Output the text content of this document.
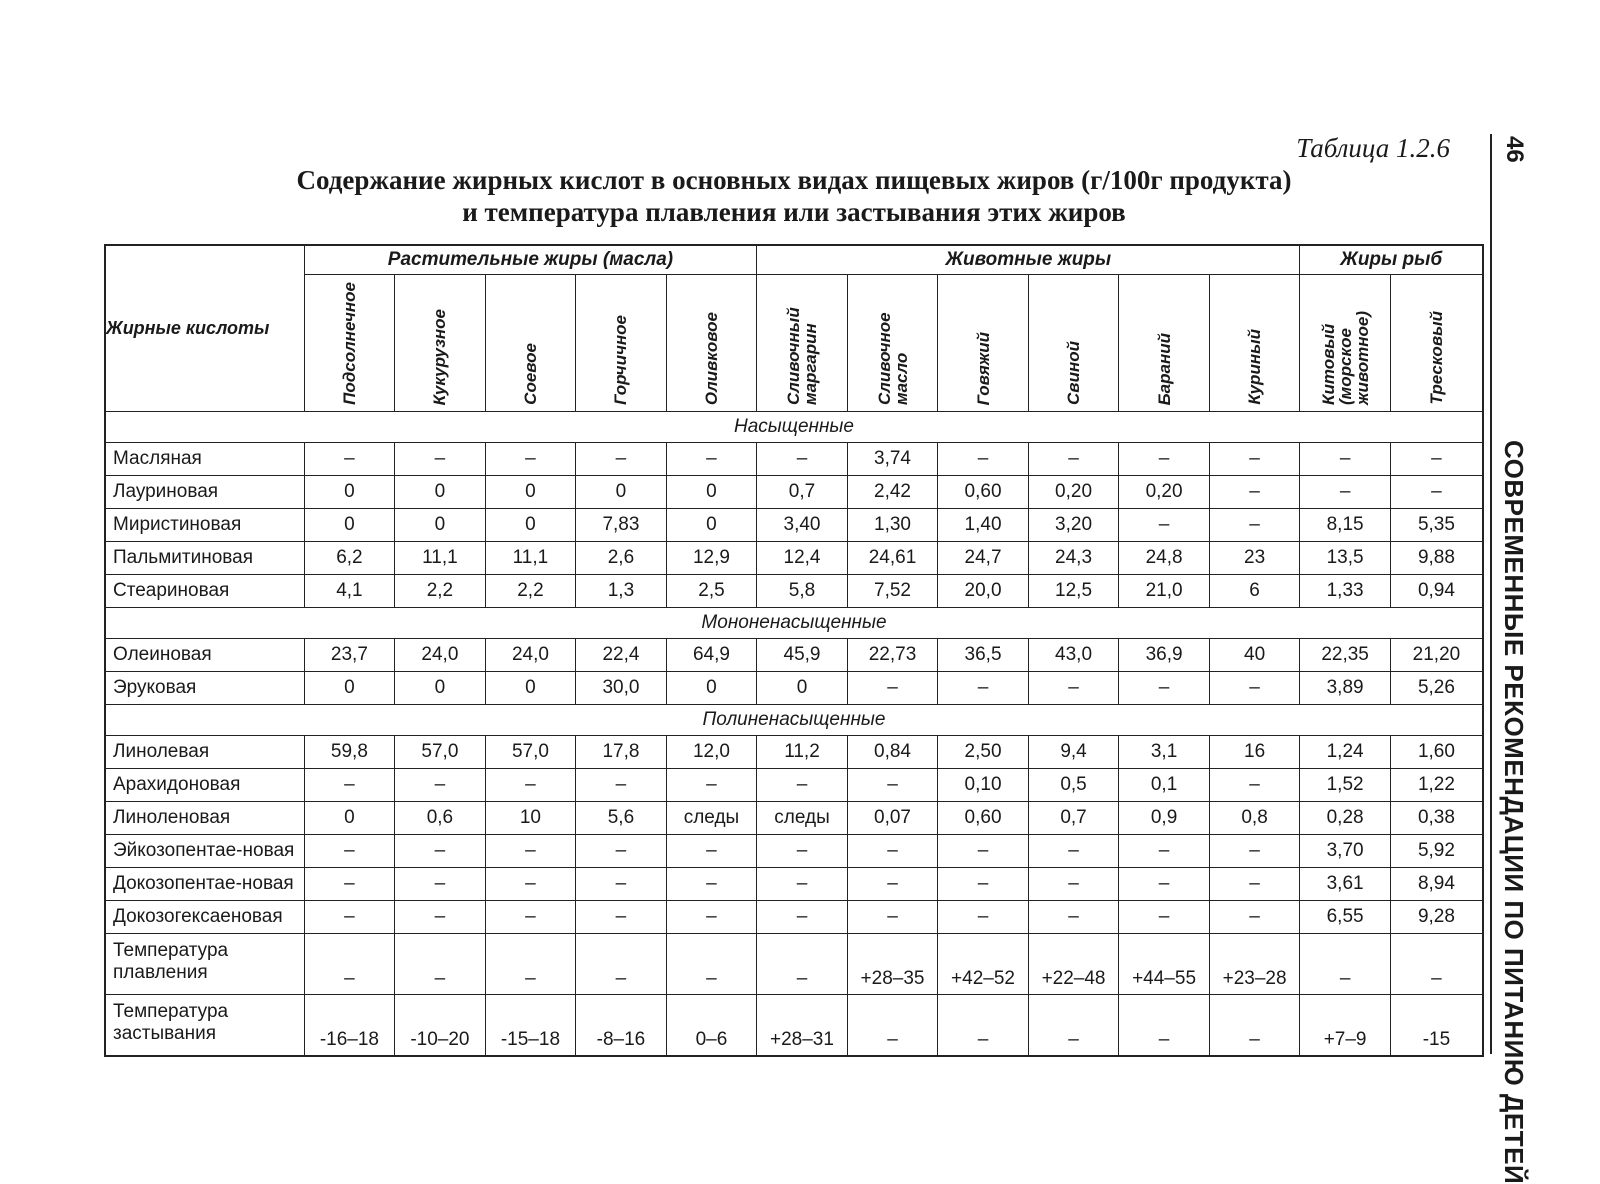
Таблица 1.2.6
Содержание жирных кислот в основных видах пищевых жиров (г/100г продукта)
и температура плавления или застывания этих жиров
Жирные кислоты	Растительные жиры (масла)					Животные жиры						Жиры рыб	

	Подсолнечное	Кукурузное	Соевое	Горчичное	Оливковое	Сливочный маргарин	Сливочное масло	Говяжий	Свиной	Бараний	Куриный	Китовый (морское животное)	Тресковый

Насыщенные													
Масляная	–	–	–	–	–	–	3,74	–	–	–	–	–	–
Лауриновая	0	0	0	0	0	0,7	2,42	0,60	0,20	0,20	–	–	–
Миристиновая	0	0	0	7,83	0	3,40	1,30	1,40	3,20	–	–	8,15	5,35
Пальмитиновая	6,2	11,1	11,1	2,6	12,9	12,4	24,61	24,7	24,3	24,8	23	13,5	9,88
Стеариновая	4,1	2,2	2,2	1,3	2,5	5,8	7,52	20,0	12,5	21,0	6	1,33	0,94
Мононенасыщенные													
Олеиновая	23,7	24,0	24,0	22,4	64,9	45,9	22,73	36,5	43,0	36,9	40	22,35	21,20
Эруковая	0	0	0	30,0	0	0	–	–	–	–	–	3,89	5,26
Полиненасыщенные													
Линолевая	59,8	57,0	57,0	17,8	12,0	11,2	0,84	2,50	9,4	3,1	16	1,24	1,60
Арахидоновая	–	–	–	–	–	–	–	0,10	0,5	0,1	–	1,52	1,22
Линоленовая	0	0,6	10	5,6	следы	следы	0,07	0,60	0,7	0,9	0,8	0,28	0,38
Эйкозопентае-новая	–	–	–	–	–	–	–	–	–	–	–	3,70	5,92
Докозопентае-новая	–	–	–	–	–	–	–	–	–	–	–	3,61	8,94
Докозогексаеновая	–	–	–	–	–	–	–	–	–	–	–	6,55	9,28
Температура плавления	–	–	–	–	–	–	+28–35	+42–52	+22–48	+44–55	+23–28	–	–
Температура застывания	-16–18	-10–20	-15–18	-8–16	0–6	+28–31	–	–	–	–	–	+7–9	-15
46
СОВРЕМЕННЫЕ РЕКОМЕНДАЦИИ ПО ПИТАНИЮ ДЕТЕЙ
